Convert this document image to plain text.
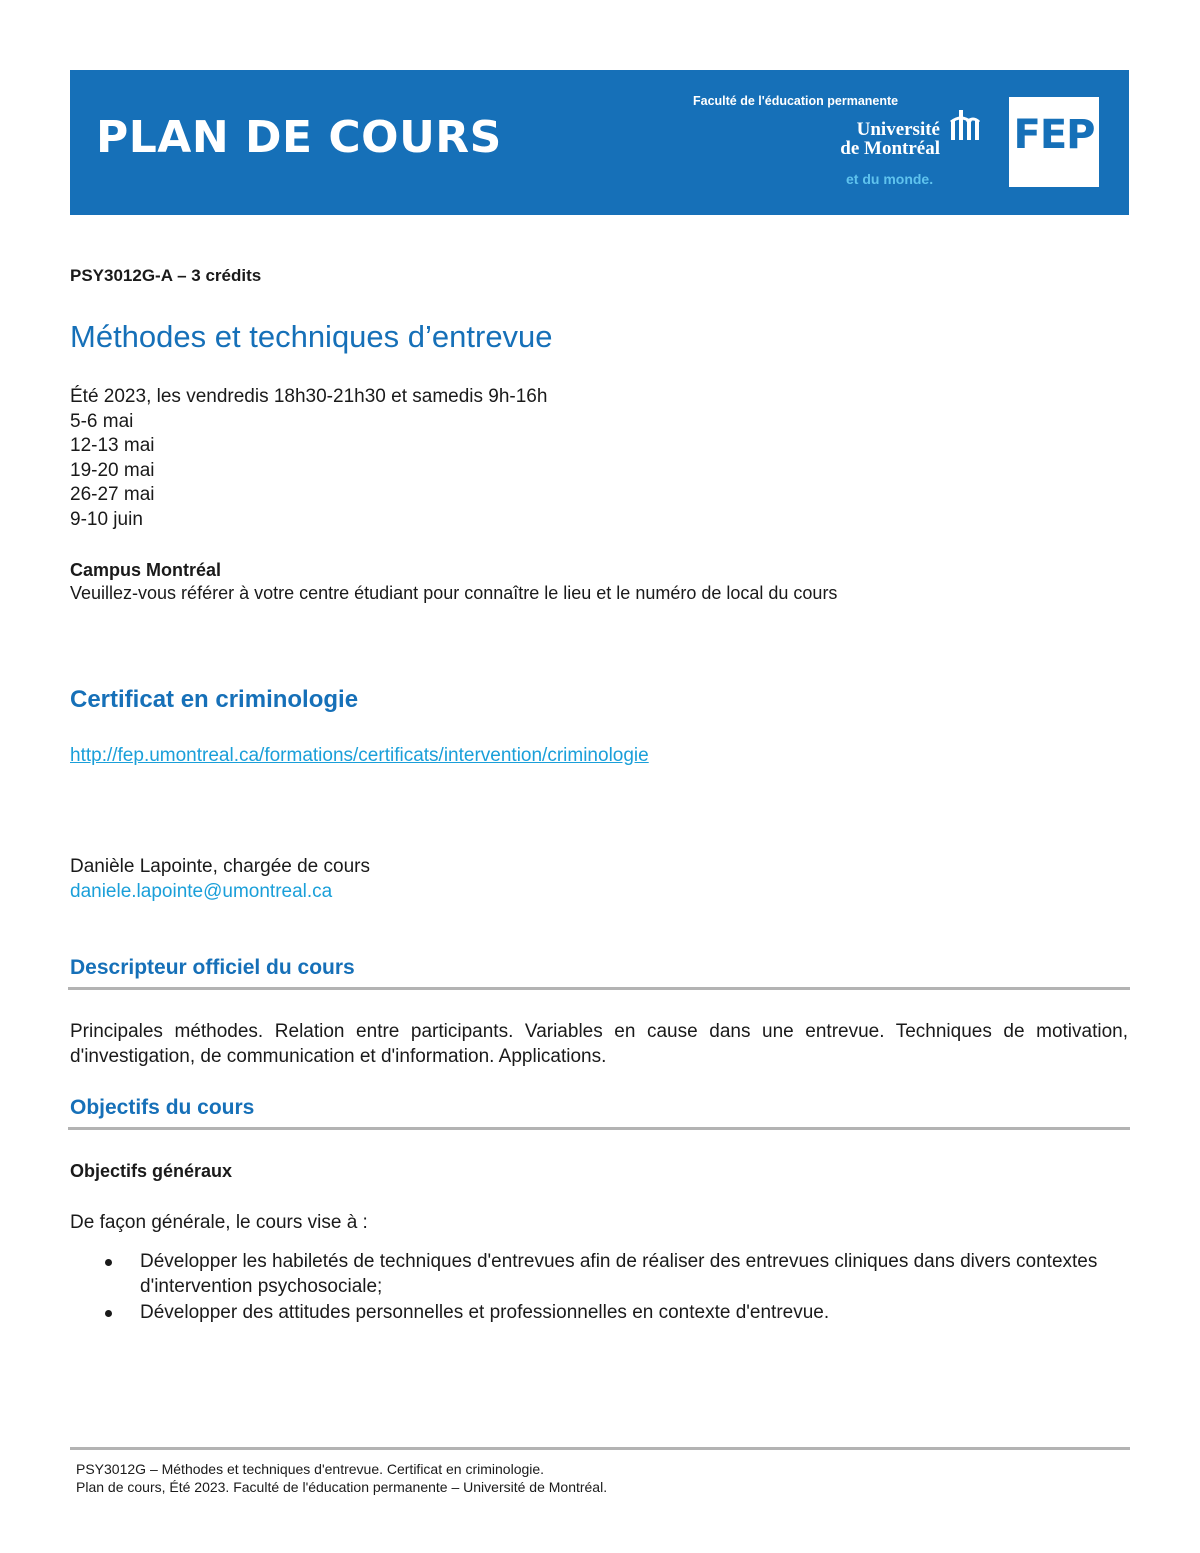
PLAN DE COURS
Faculté de l'éducation permanente
Université
de Montréal
et du monde.
FEP
PSY3012G-A – 3 crédits
Méthodes et techniques d’entrevue
Été 2023, les vendredis 18h30-21h30 et samedis 9h-16h
5-6 mai
12-13 mai
19-20 mai
26-27 mai
9-10 juin
Campus Montréal
Veuillez-vous référer à votre centre étudiant pour connaître le lieu et le numéro de local du cours
Certificat en criminologie
http://fep.umontreal.ca/formations/certificats/intervention/criminologie
Danièle Lapointe, chargée de cours
daniele.lapointe@umontreal.ca
Descripteur officiel du cours
Principales méthodes. Relation entre participants. Variables en cause dans une entrevue. Techniques de motivation, d'investigation, de communication et d'information. Applications.
Objectifs du cours
Objectifs généraux
De façon générale, le cours vise à :
Développer les habiletés de techniques d'entrevues afin de réaliser des entrevues cliniques dans divers contextes d'intervention psychosociale;
Développer des attitudes personnelles et professionnelles en contexte d'entrevue.
PSY3012G – Méthodes et techniques d'entrevue. Certificat en criminologie.
Plan de cours, Été 2023. Faculté de l'éducation permanente – Université de Montréal.
